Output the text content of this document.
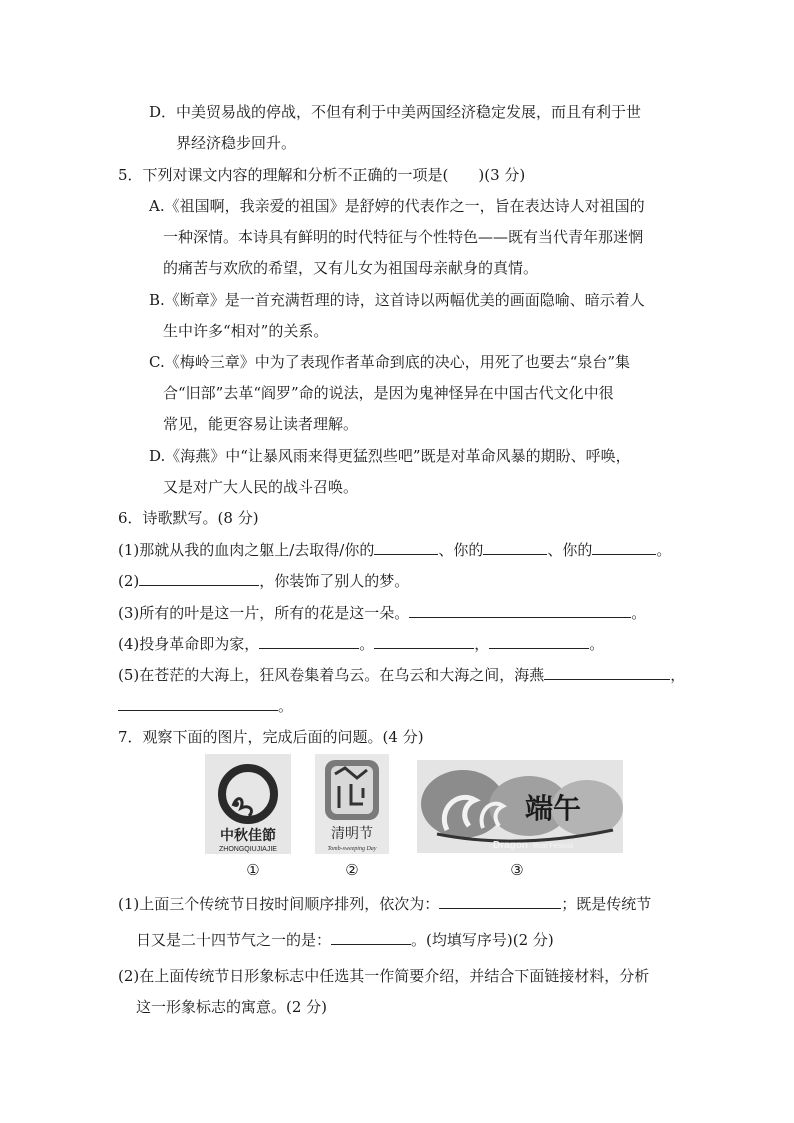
D．中美贸易战的停战，不但有利于中美两国经济稳定发展，而且有利于世
界经济稳步回升。
5．下列对课文内容的理解和分析不正确的一项是(　　)(3 分)
A.《祖国啊，我亲爱的祖国》是舒婷的代表作之一，旨在表达诗人对祖国的
一种深情。本诗具有鲜明的时代特征与个性特色——既有当代青年那迷惘
的痛苦与欢欣的希望，又有儿女为祖国母亲献身的真情。
B.《断章》是一首充满哲理的诗，这首诗以两幅优美的画面隐喻、暗示着人
生中许多“相对”的关系。
C.《梅岭三章》中为了表现作者革命到底的决心，用死了也要去“泉台”集
合“旧部”去革“阎罗”命的说法，是因为鬼神怪异在中国古代文化中很
常见，能更容易让读者理解。
D.《海燕》中“让暴风雨来得更猛烈些吧”既是对革命风暴的期盼、呼唤，
又是对广大人民的战斗召唤。
6．诗歌默写。(8 分)
(1)那就从我的血肉之躯上/去取得/你的	、你的	、你的	。
(2)	，你装饰了别人的梦。
(3)所有的叶是这一片，所有的花是这一朵。	。
(4)投身革命即为家，	。	，	。
(5)在苍茫的大海上，狂风卷集着乌云。在乌云和大海之间，海燕	，
。
7．观察下面的图片，完成后面的问题。(4 分)
中秋佳節
ZHONGQIUJIAJIE
清明节
Tomb-sweeping Day
端午
Dragon Boat Festival
①	②	③
(1)上面三个传统节日按时间顺序排列，依次为：	；既是传统节
日又是二十四节气之一的是：	。(均填写序号)(2 分)
(2)在上面传统节日形象标志中任选其一作简要介绍，并结合下面链接材料，分析
这一形象标志的寓意。(2 分)
